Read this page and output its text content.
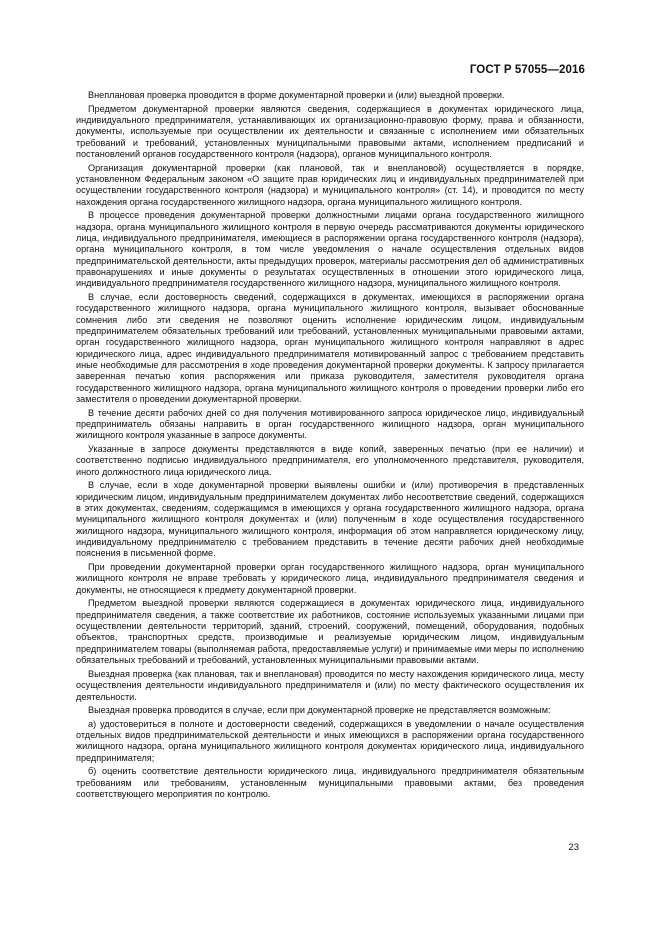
ГОСТ Р 57055—2016

Внеплановая проверка проводится в форме документарной проверки и (или) выездной проверки.

Предметом документарной проверки являются сведения, содержащиеся в документах юридического лица, индивидуального предпринимателя, устанавливающих их организационно-правовую форму, права и обязанности, документы, используемые при осуществлении их деятельности и связанные с исполнением ими обязательных требований и требований, установленных муниципальными правовыми актами, исполнением предписаний и постановлений органов государственного контроля (надзора), органов муниципального контроля.

Организация документарной проверки (как плановой, так и внеплановой) осуществляется в порядке, установленном Федеральным законом «О защите прав юридических лиц и индивидуальных предпринимателей при осуществлении государственного контроля (надзора) и муниципального контроля» (ст. 14), и проводится по месту нахождения органа государственного жилищного надзора, органа муниципального жилищного контроля.

В процессе проведения документарной проверки должностными лицами органа государственного жилищного надзора, органа муниципального жилищного контроля в первую очередь рассматриваются документы юридического лица, индивидуального предпринимателя, имеющиеся в распоряжении органа государственного контроля (надзора), органа муниципального контроля, в том числе уведомления о начале осуществления отдельных видов предпринимательской деятельности, акты предыдущих проверок, материалы рассмотрения дел об административных правонарушениях и иные документы о результатах осуществленных в отношении этого юридического лица, индивидуального предпринимателя государственного жилищного надзора, муниципального жилищного контроля.

В случае, если достоверность сведений, содержащихся в документах, имеющихся в распоряжении органа государственного жилищного надзора, органа муниципального жилищного контроля, вызывает обоснованные сомнения либо эти сведения не позволяют оценить исполнение юридическим лицом, индивидуальным предпринимателем обязательных требований или требований, установленных муниципальными правовыми актами, орган государственного жилищного надзора, орган муниципального жилищного контроля направляют в адрес юридического лица, адрес индивидуального предпринимателя мотивированный запрос с требованием представить иные необходимые для рассмотрения в ходе проведения документарной проверки документы. К запросу прилагается заверенная печатью копия распоряжения или приказа руководителя, заместителя руководителя органа государственного жилищного надзора, органа муниципального жилищного контроля о проведении проверки либо его заместителя о проведении документарной проверки.

В течение десяти рабочих дней со дня получения мотивированного запроса юридическое лицо, индивидуальный предприниматель обязаны направить в орган государственного жилищного надзора, орган муниципального жилищного контроля указанные в запросе документы.

Указанные в запросе документы представляются в виде копий, заверенных печатью (при ее наличии) и соответственно подписью индивидуального предпринимателя, его уполномоченного представителя, руководителя, иного должностного лица юридического лица.

В случае, если в ходе документарной проверки выявлены ошибки и (или) противоречия в представленных юридическим лицом, индивидуальным предпринимателем документах либо несоответствие сведений, содержащихся в этих документах, сведениям, содержащимся в имеющихся у органа государственного жилищного надзора, органа муниципального жилищного контроля документах и (или) полученным в ходе осуществления государственного жилищного надзора, муниципального жилищного контроля, информация об этом направляется юридическому лицу, индивидуальному предпринимателю с требованием представить в течение десяти рабочих дней необходимые пояснения в письменной форме.

При проведении документарной проверки орган государственного жилищного надзора, орган муниципального жилищного контроля не вправе требовать у юридического лица, индивидуального предпринимателя сведения и документы, не относящиеся к предмету документарной проверки.

Предметом выездной проверки являются содержащиеся в документах юридического лица, индивидуального предпринимателя сведения, а также соответствие их работников, состояние используемых указанными лицами при осуществлении деятельности территорий, зданий, строений, сооружений, помещений, оборудования, подобных объектов, транспортных средств, производимые и реализуемые юридическим лицом, индивидуальным предпринимателем товары (выполняемая работа, предоставляемые услуги) и принимаемые ими меры по исполнению обязательных требований и требований, установленных муниципальными правовыми актами.

Выездная проверка (как плановая, так и внеплановая) проводится по месту нахождения юридического лица, месту осуществления деятельности индивидуального предпринимателя и (или) по месту фактического осуществления их деятельности.

Выездная проверка проводится в случае, если при документарной проверке не представляется возможным:

а) удостовериться в полноте и достоверности сведений, содержащихся в уведомлении о начале осуществления отдельных видов предпринимательской деятельности и иных имеющихся в распоряжении органа государственного жилищного надзора, органа муниципального жилищного контроля документах юридического лица, индивидуального предпринимателя;

б) оценить соответствие деятельности юридического лица, индивидуального предпринимателя обязательным требованиям или требованиям, установленным муниципальными правовыми актами, без проведения соответствующего мероприятия по контролю.

23
